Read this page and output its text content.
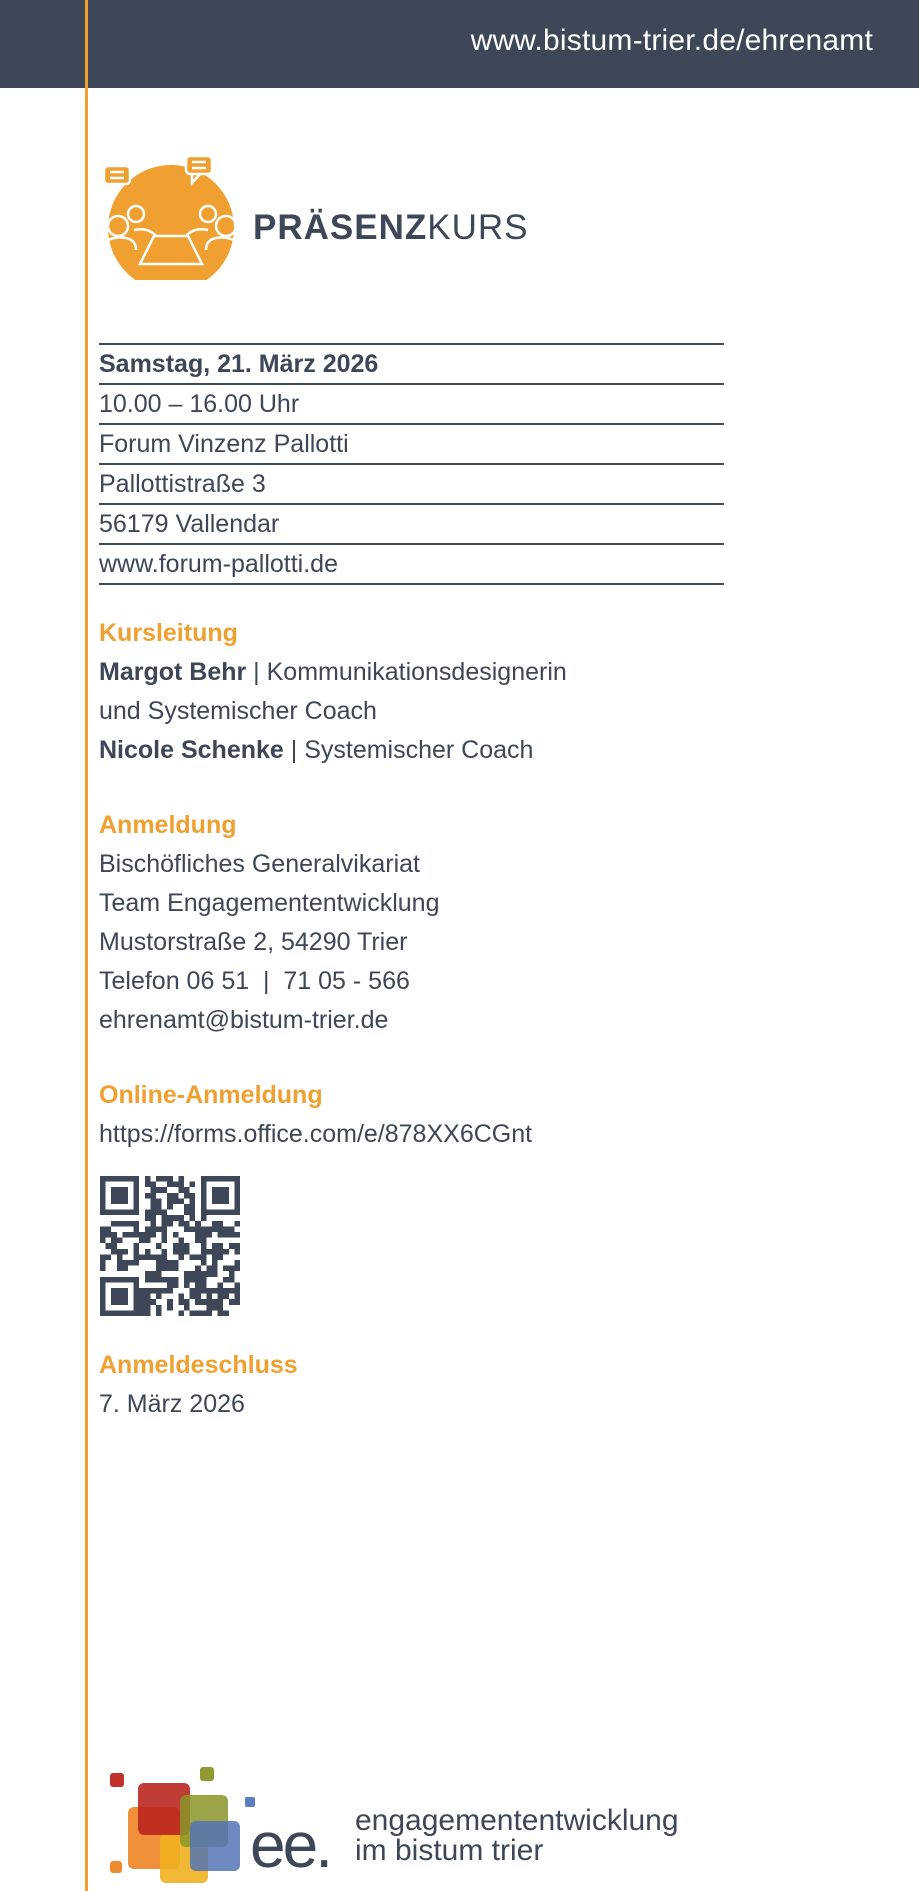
www.bistum-trier.de/ehrenamt
PRÄSENZKURS
Samstag, 21. März 2026
10.00 – 16.00 Uhr
Forum Vinzenz Pallotti
Pallottistraße 3
56179 Vallendar
www.forum-pallotti.de
Kursleitung
Margot Behr | Kommunikationsdesignerin
und Systemischer Coach
Nicole Schenke | Systemischer Coach
Anmeldung
Bischöfliches Generalvikariat
Team Engagemententwicklung
Mustorstraße 2, 54290 Trier
Telefon 06 51  |  71 05 - 566
ehrenamt@bistum-trier.de
Online-Anmeldung
https://forms.office.com/e/878XX6CGnt
Anmeldeschluss
7. März 2026
ee. engagemententwicklung
im bistum trier
